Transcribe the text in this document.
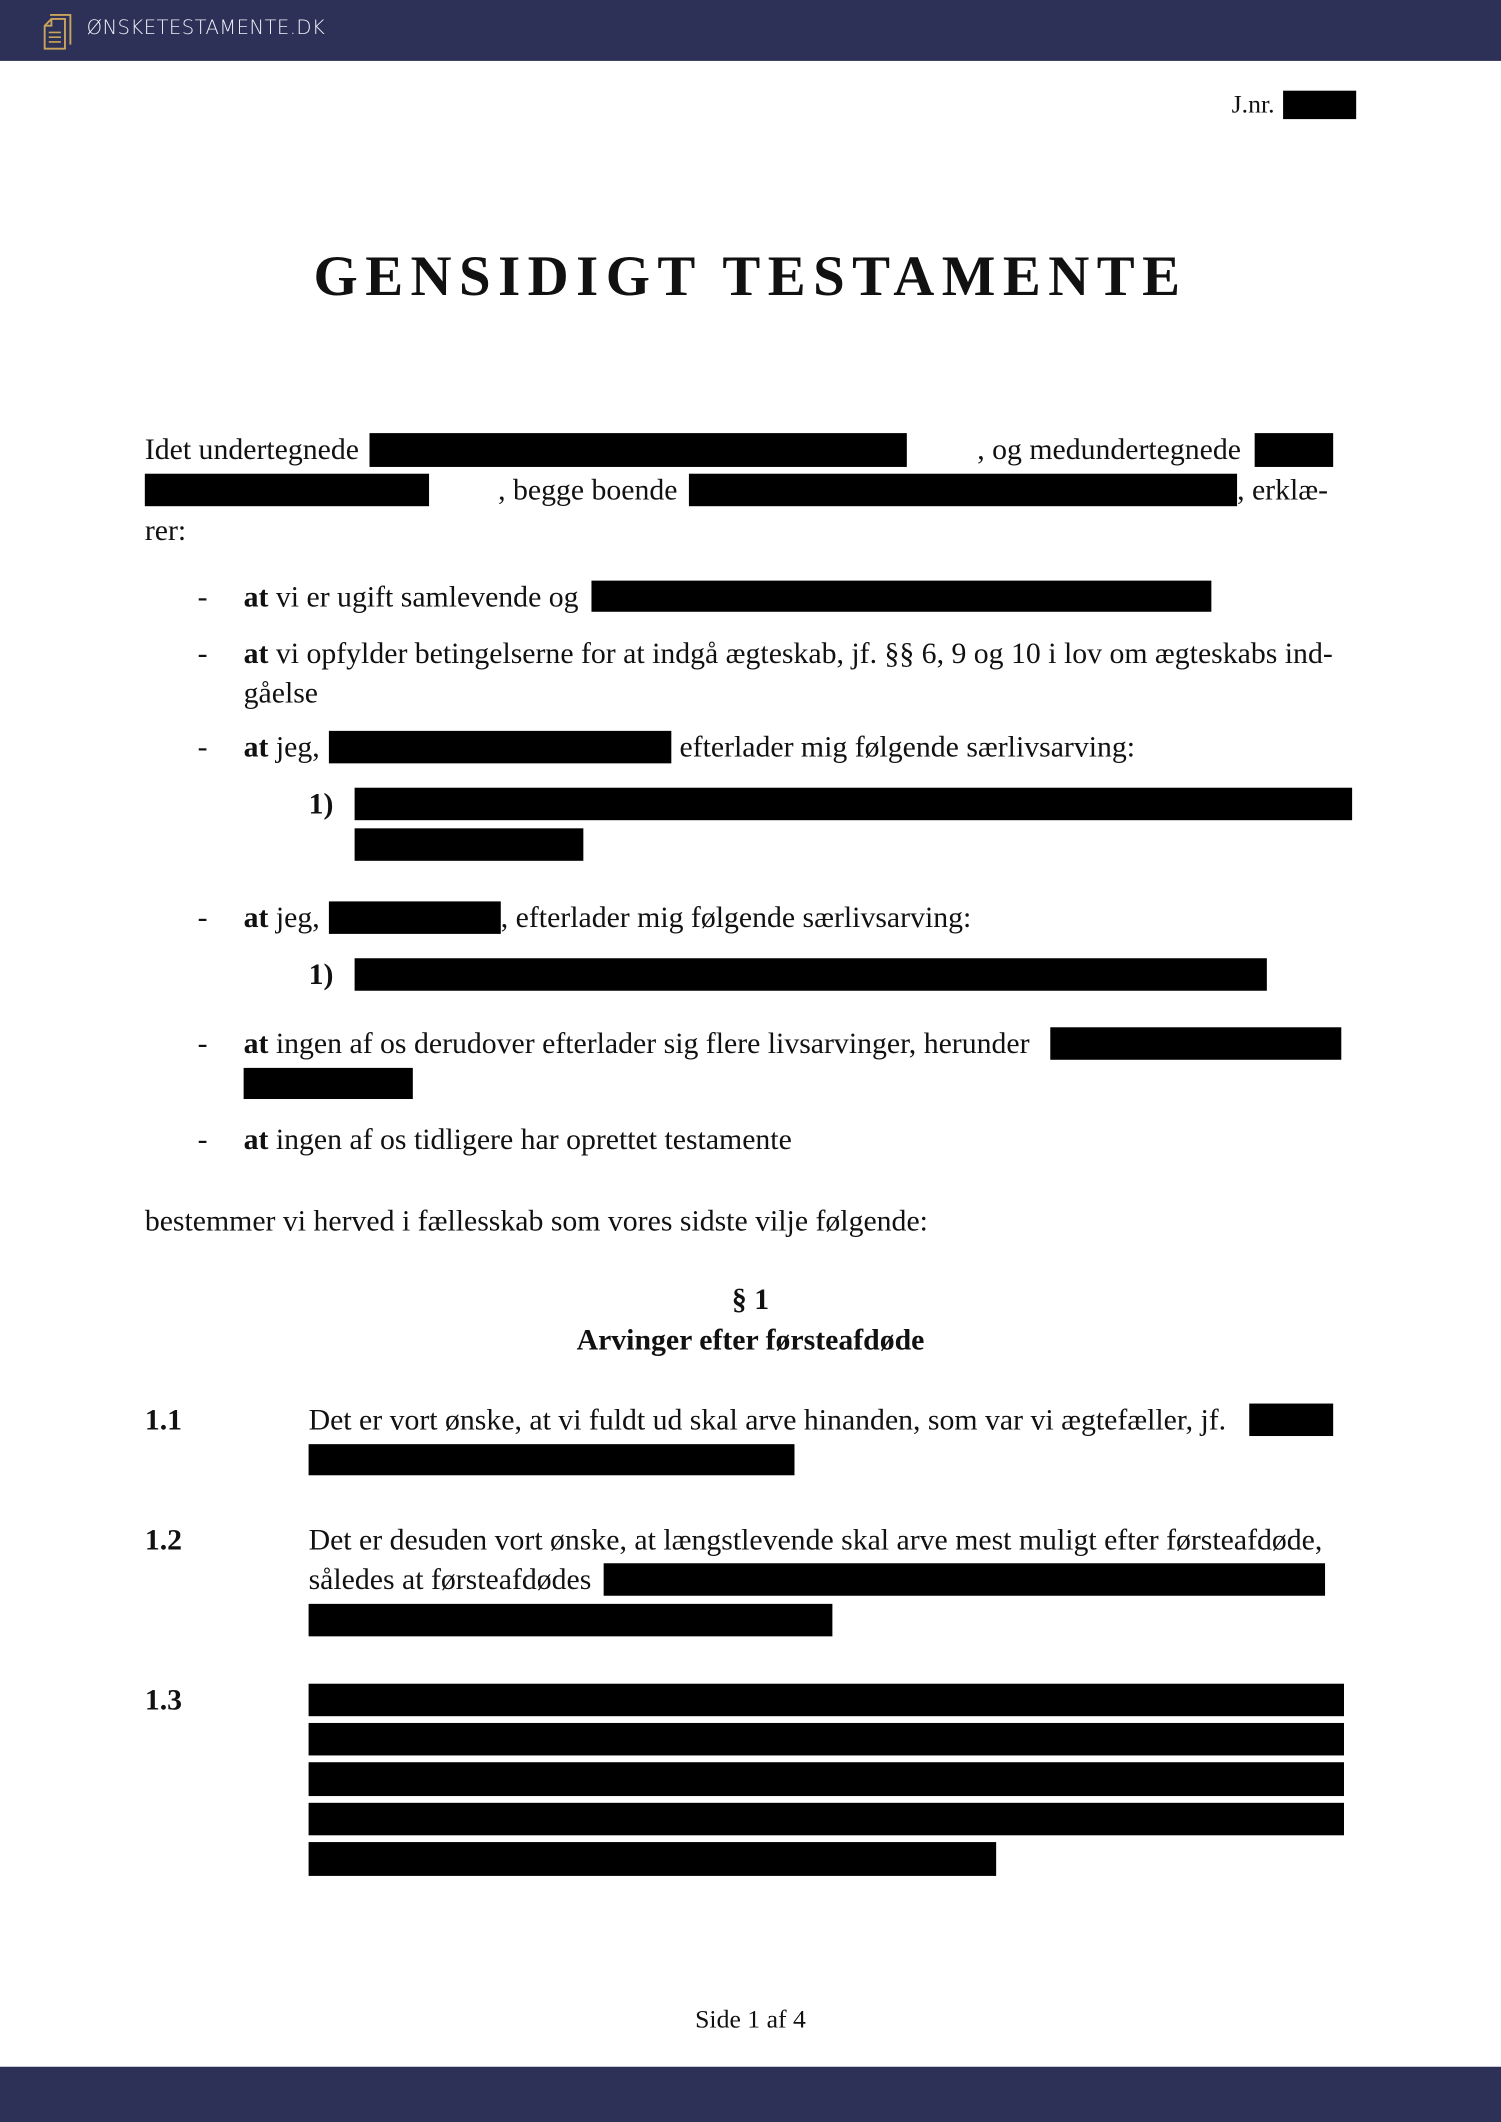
ØNSKETESTAMENTE.DK
J.nr.
GENSIDIGT TESTAMENTE
Idet undertegnede	, og medundertegnede
, begge boende	, erklæ-
rer:
- at vi er ugift samlevende og
- at vi opfylder betingelserne for at indgå ægteskab, jf. §§ 6, 9 og 10 i lov om ægteskabs ind-
gåelse
- at jeg,	efterlader mig følgende særlivsarving:
1)
- at jeg,	, efterlader mig følgende særlivsarving:
1)
- at ingen af os derudover efterlader sig flere livsarvinger, herunder
- at ingen af os tidligere har oprettet testamente
bestemmer vi herved i fællesskab som vores sidste vilje følgende:
§ 1
Arvinger efter førsteafdøde
1.1	Det er vort ønske, at vi fuldt ud skal arve hinanden, som var vi ægtefæller, jf.
1.2	Det er desuden vort ønske, at længstlevende skal arve mest muligt efter førsteafdøde,
således at førsteafdødes
1.3
Side 1 af 4
